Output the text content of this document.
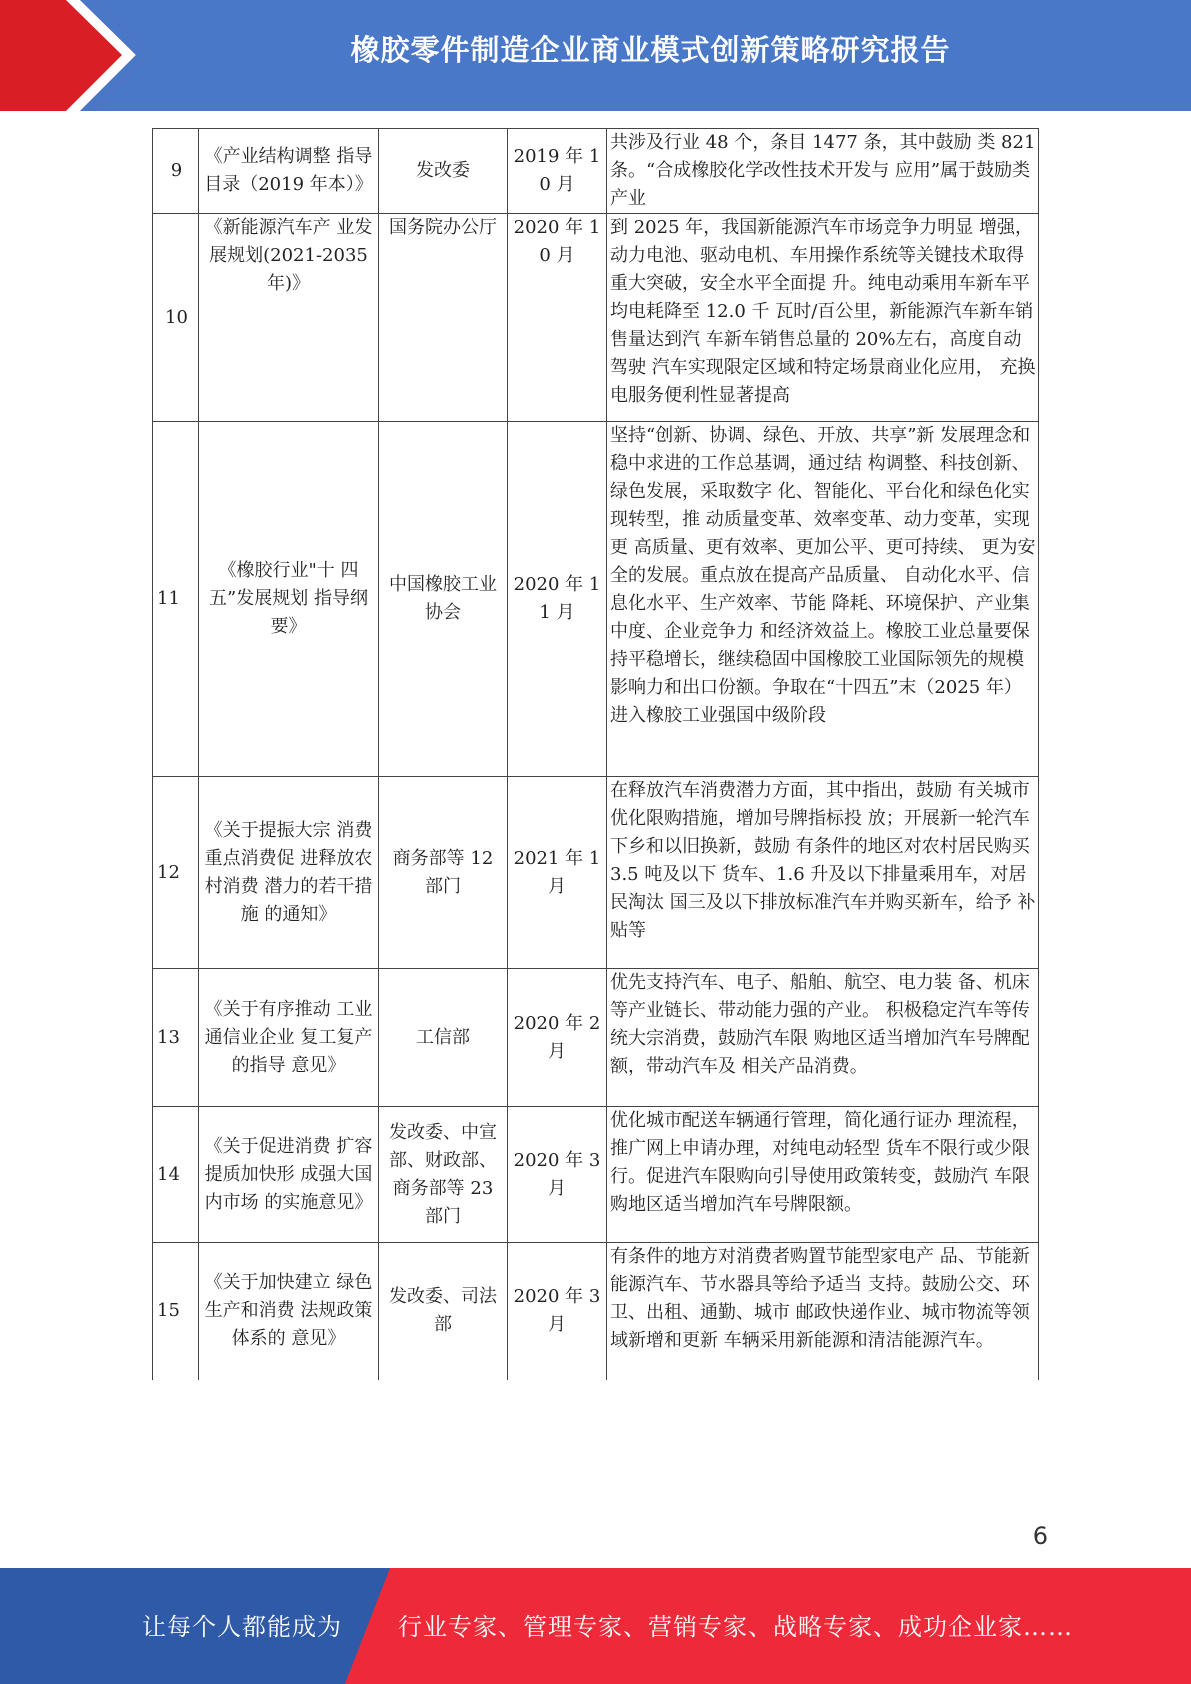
橡胶零件制造企业商业模式创新策略研究报告
9	《产业结构调整 指导目录（2019 年本）》	发改委	2019 年 10 月	共涉及行业 48 个，条目 1477 条，其中鼓励 类 821 条。“合成橡胶化学改性技术开发与 应用”属于鼓励类产业
10	《新能源汽车产 业发展规划(2021-2035 年)》	国务院办公厅	2020 年 10 月	到 2025 年，我国新能源汽车市场竞争力明显 增强，动力电池、驱动电机、车用操作系统等关键技术取得重大突破，安全水平全面提 升。纯电动乘用车新车平均电耗降至 12.0 千 瓦时/百公里，新能源汽车新车销售量达到汽 车新车销售总量的 20%左右，高度自动驾驶 汽车实现限定区域和特定场景商业化应用， 充换电服务便利性显著提高
11	《橡胶行业"十 四五”发展规划 指导纲要》	中国橡胶工业协会	2020 年 11 月	坚持“创新、协调、绿色、开放、共享”新 发展理念和稳中求进的工作总基调，通过结 构调整、科技创新、绿色发展，采取数字 化、智能化、平台化和绿色化实现转型，推 动质量变革、效率变革、动力变革，实现更 高质量、更有效率、更加公平、更可持续、 更为安全的发展。重点放在提高产品质量、 自动化水平、信息化水平、生产效率、节能 降耗、环境保护、产业集中度、企业竞争力 和经济效益上。橡胶工业总量要保持平稳增长，继续稳固中国橡胶工业国际领先的规模 影响力和出口份额。争取在“十四五”末（2025 年）进入橡胶工业强国中级阶段
12	《关于提振大宗 消费重点消费促 进释放农村消费 潜力的若干措施 的通知》	商务部等 12 部门	2021 年 1 月	在释放汽车消费潜力方面，其中指出，鼓励 有关城市优化限购措施，增加号牌指标投 放；开展新一轮汽车下乡和以旧换新，鼓励 有条件的地区对农村居民购买 3.5 吨及以下 货车、1.6 升及以下排量乘用车，对居民淘汰 国三及以下排放标准汽车并购买新车，给予 补贴等
13	《关于有序推动 工业通信业企业 复工复产的指导 意见》	工信部	2020 年 2 月	优先支持汽车、电子、船舶、航空、电力装 备、机床等产业链长、带动能力强的产业。 积极稳定汽车等传统大宗消费，鼓励汽车限 购地区适当增加汽车号牌配额，带动汽车及 相关产品消费。
14	《关于促进消费 扩容提质加快形 成强大国内市场 的实施意见》	发改委、中宣部、财政部、商务部等 23 部门	2020 年 3 月	优化城市配送车辆通行管理，简化通行证办 理流程，推广网上申请办理，对纯电动轻型 货车不限行或少限行。促进汽车限购向引导使用政策转变，鼓励汽 车限购地区适当增加汽车号牌限额。
15	《关于加快建立 绿色生产和消费 法规政策体系的 意见》	发改委、司法部	2020 年 3 月	有条件的地方对消费者购置节能型家电产 品、节能新能源汽车、节水器具等给予适当 支持。鼓励公交、环卫、出租、通勤、城市 邮政快递作业、城市物流等领域新增和更新 车辆采用新能源和清洁能源汽车。
6
让每个人都能成为 行业专家、管理专家、营销专家、战略专家、成功企业家……
